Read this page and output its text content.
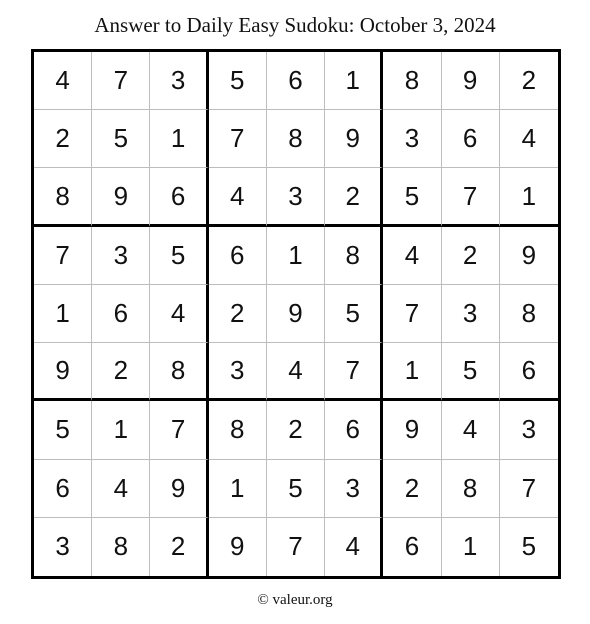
Answer to Daily Easy Sudoku: October 3, 2024
4	7	3	5	6	1	8	9	2
2	5	1	7	8	9	3	6	4
8	9	6	4	3	2	5	7	1
7	3	5	6	1	8	4	2	9
1	6	4	2	9	5	7	3	8
9	2	8	3	4	7	1	5	6
5	1	7	8	2	6	9	4	3
6	4	9	1	5	3	2	8	7
3	8	2	9	7	4	6	1	5
© valeur.org
